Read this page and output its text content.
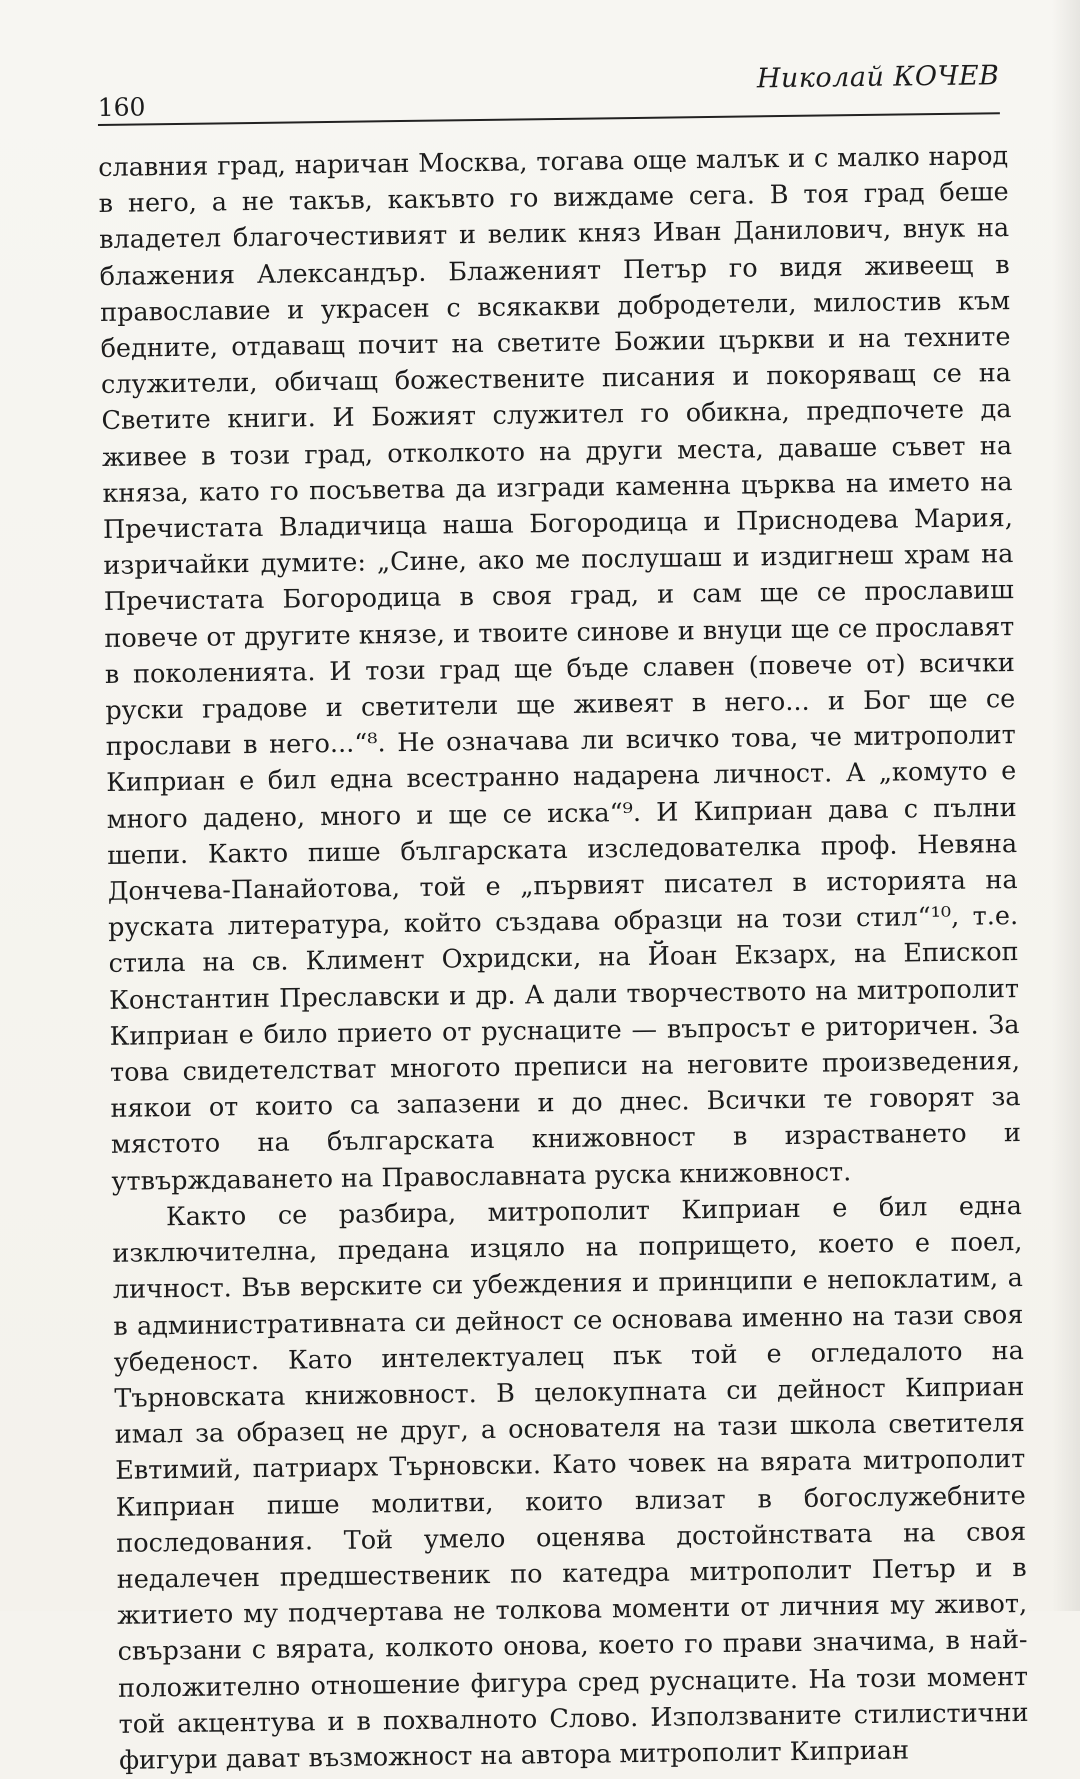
160
Николай КОЧЕВ

славния град, наричан Москва, тогава още малък и с малко народ в него, а не такъв, какъвто го виждаме сега. В тоя град беше владетел благочестивият и велик княз Иван Данилович, внук на блажения Александър. Блаженият Петър го видя живеещ в православие и украсен с всякакви добродетели, милостив към бедните, отдаващ почит на светите Божии църкви и на техните служители, обичащ божествените писания и покоряващ се на Светите книги. И Божият служител го обикна, предпочете да живее в този град, отколкото на други места, даваше съвет на княза, като го посъветва да изгради каменна църква на името на Пречистата Владичица наша Богородица и Приснодева Мария, изричайки думите: „Сине, ако ме послушаш и издигнеш храм на Пречистата Богородица в своя град, и сам ще се прославиш повече от другите князе, и твоите синове и внуци ще се прославят в поколенията. И този град ще бъде славен (повече от) всички руски градове и светители ще живеят в него... и Бог ще се прослави в него...“⁸. Не означава ли всичко това, че митрополит Киприан е бил една всестранно надарена личност. А „комуто е много дадено, много и ще се иска“⁹. И Киприан дава с пълни шепи. Както пише българската изследователка проф. Невяна Дончева-Панайотова, той е „първият писател в историята на руската литература, който създава образци на този стил“¹⁰, т.е. стила на св. Климент Охридски, на Йоан Екзарх, на Епископ Константин Преславски и др. А дали творчеството на митрополит Киприан е било прието от руснаците — въпросът е риторичен. За това свидетелстват многото преписи на неговите произведения, някои от които са запазени и до днес. Всички те говорят за мястото на българската книжовност в израстването и утвърждаването на Православната руска книжовност.

Както се разбира, митрополит Киприан е бил една изключителна, предана изцяло на попрището, което е поел, личност. Във верските си убеждения и принципи е непоклатим, а в административната си дейност се основава именно на тази своя убеденост. Като интелектуалец пък той е огледалото на Търновската книжовност. В целокупната си дейност Киприан имал за образец не друг, а основателя на тази школа светителя Евтимий, патриарх Търновски. Като човек на вярата митрополит Киприан пише молитви, които влизат в богослужебните последования. Той умело оценява достойнствата на своя недалечен предшественик по катедра митрополит Петър и в житието му подчертава не толкова моменти от личния му живот, свързани с вярата, колкото онова, което го прави значима, в най-положително отношение фигура сред руснаците. На този момент той акцентува и в похвалното Слово. Използваните стилистични фигури дават възможност на автора митрополит Киприан
